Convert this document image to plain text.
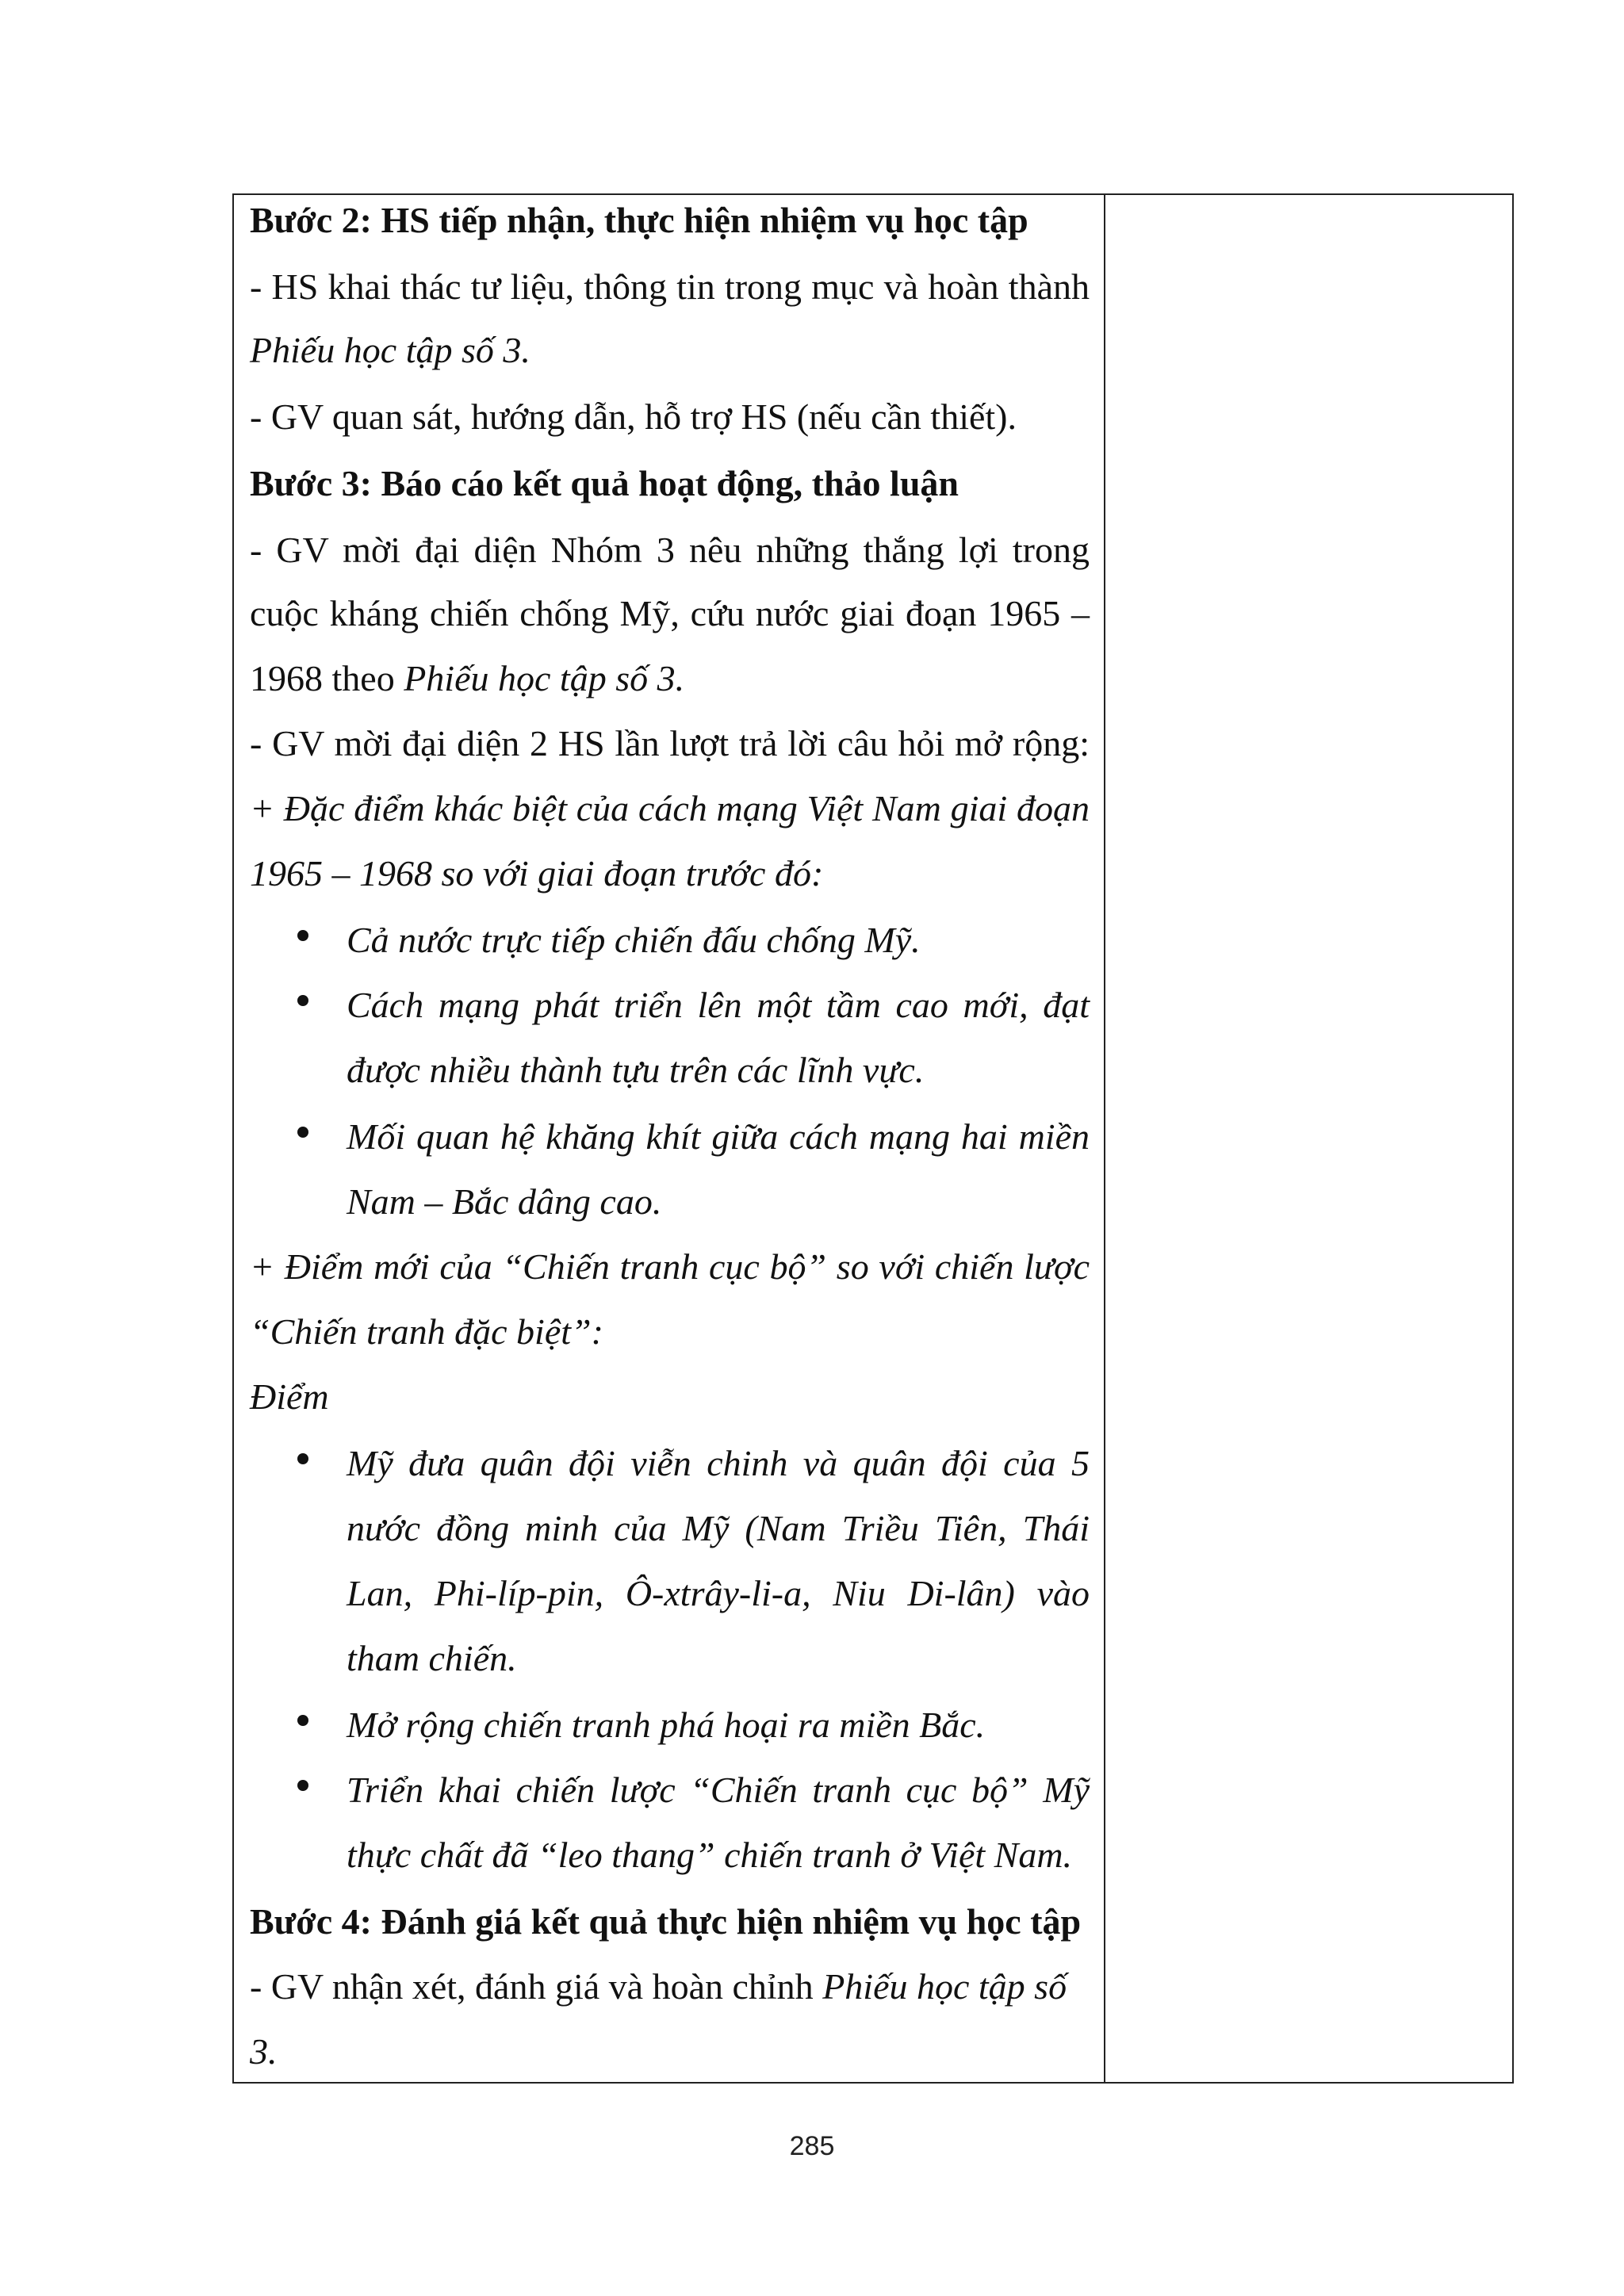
Bước 2: HS tiếp nhận, thực hiện nhiệm vụ học tập
- HS khai thác tư liệu, thông tin trong mục và hoàn thành
Phiếu học tập số 3.
- GV quan sát, hướng dẫn, hỗ trợ HS (nếu cần thiết).
Bước 3: Báo cáo kết quả hoạt động, thảo luận
- GV mời đại diện Nhóm 3 nêu những thắng lợi trong
cuộc kháng chiến chống Mỹ, cứu nước giai đoạn 1965 –
1968 theo Phiếu học tập số 3.
- GV mời đại diện 2 HS lần lượt trả lời câu hỏi mở rộng:
+ Đặc điểm khác biệt của cách mạng Việt Nam giai đoạn
1965 – 1968 so với giai đoạn trước đó:
Cả nước trực tiếp chiến đấu chống Mỹ.
Cách mạng phát triển lên một tầm cao mới, đạt
được nhiều thành tựu trên các lĩnh vực.
Mối quan hệ khăng khít giữa cách mạng hai miền
Nam – Bắc dâng cao.
+ Điểm mới của “Chiến tranh cục bộ” so với chiến lược
“Chiến tranh đặc biệt”:
Điểm
Mỹ đưa quân đội viễn chinh và quân đội của 5
nước đồng minh của Mỹ (Nam Triều Tiên, Thái
Lan, Phi-líp-pin, Ô-xtrây-li-a, Niu Di-lân) vào
tham chiến.
Mở rộng chiến tranh phá hoại ra miền Bắc.
Triển khai chiến lược “Chiến tranh cục bộ” Mỹ
thực chất đã “leo thang” chiến tranh ở Việt Nam.
Bước 4: Đánh giá kết quả thực hiện nhiệm vụ học tập
- GV nhận xét, đánh giá và hoàn chỉnh Phiếu học tập số
3.
285
